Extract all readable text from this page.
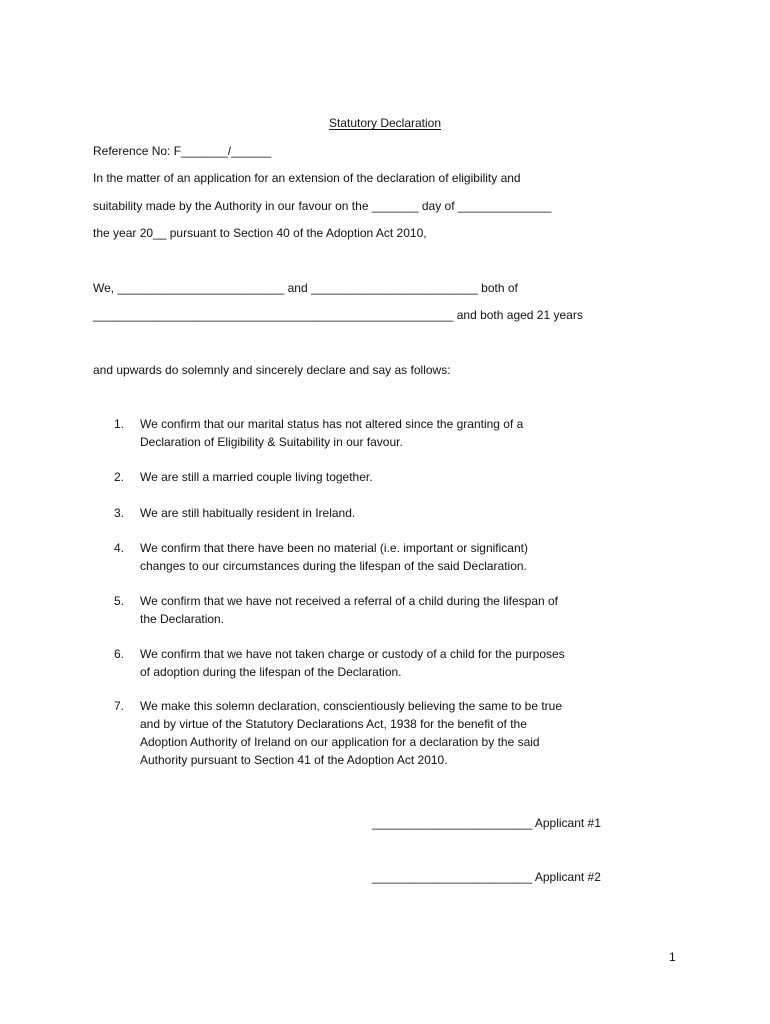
Statutory Declaration
Reference No: F_______/______
In the matter of an application for an extension of the declaration of eligibility and
suitability made by the Authority in our favour on the _______ day of ______________
the year 20__ pursuant to Section 40 of the Adoption Act 2010,
We, _________________________ and _________________________ both of
______________________________________________________ and both aged 21 years
and upwards do solemnly and sincerely declare and say as follows:
1. We confirm that our marital status has not altered since the granting of a
Declaration of Eligibility & Suitability in our favour.
2. We are still a married couple living together.
3. We are still habitually resident in Ireland.
4. We confirm that there have been no material (i.e. important or significant)
changes to our circumstances during the lifespan of the said Declaration.
5. We confirm that we have not received a referral of a child during the lifespan of
the Declaration.
6. We confirm that we have not taken charge or custody of a child for the purposes
of adoption during the lifespan of the Declaration.
7. We make this solemn declaration, conscientiously believing the same to be true
and by virtue of the Statutory Declarations Act, 1938 for the benefit of the
Adoption Authority of Ireland on our application for a declaration by the said
Authority pursuant to Section 41 of the Adoption Act 2010.
________________________ Applicant #1
________________________ Applicant #2
1
